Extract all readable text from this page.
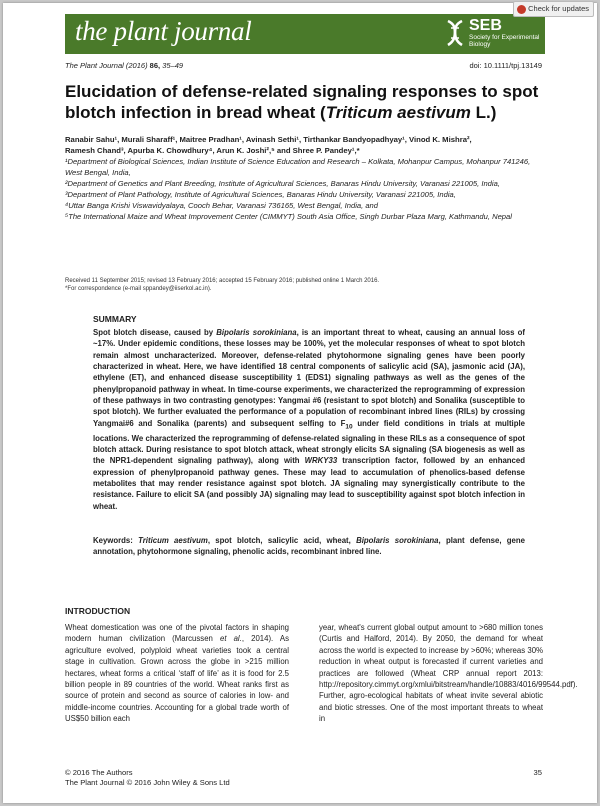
the plant journal	SEB
Society for Experimental Biology
The Plant Journal (2016) 86, 35–49	doi: 10.1111/tpj.13149
Elucidation of defense-related signaling responses to spot blotch infection in bread wheat (Triticum aestivum L.)
Ranabir Sahu¹, Murali Sharaff¹, Maitree Pradhan¹, Avinash Sethi¹, Tirthankar Bandyopadhyay¹, Vinod K. Mishra²,
Ramesh Chand³, Apurba K. Chowdhury⁴, Arun K. Joshi²,⁵ and Shree P. Pandey¹,*

¹Department of Biological Sciences, Indian Institute of Science Education and Research – Kolkata, Mohanpur Campus, Mohanpur 741246, West Bengal, India,

²Department of Genetics and Plant Breeding, Institute of Agricultural Sciences, Banaras Hindu University, Varanasi 221005, India,

³Department of Plant Pathology, Institute of Agricultural Sciences, Banaras Hindu University, Varanasi 221005, India,

⁴Uttar Banga Krishi Viswavidyalaya, Cooch Behar, Varanasi 736165, West Bengal, India, and

⁵The International Maize and Wheat Improvement Center (CIMMYT) South Asia Office, Singh Durbar Plaza Marg, Kathmandu, Nepal

Received 11 September 2015; revised 13 February 2016; accepted 15 February 2016; published online 1 March 2016.
*For correspondence (e-mail sppandey@iiserkol.ac.in).
SUMMARY
Spot blotch disease, caused by Bipolaris sorokiniana, is an important threat to wheat, causing an annual loss of ~17%. Under epidemic conditions, these losses may be 100%, yet the molecular responses of wheat to spot blotch remain almost uncharacterized. Moreover, defense-related phytohormone signaling genes have been poorly characterized in wheat. Here, we have identified 18 central components of salicylic acid (SA), jasmonic acid (JA), ethylene (ET), and enhanced disease susceptibility 1 (EDS1) signaling pathways as well as the genes of the phenylpropanoid pathway in wheat. In time-course experiments, we characterized the reprogramming of expression of these pathways in two contrasting genotypes: Yangmai #6 (resistant to spot blotch) and Sonalika (susceptible to spot blotch). We further evaluated the performance of a population of recombinant inbred lines (RILs) by crossing Yangmai#6 and Sonalika (parents) and subsequent selfing to $F_{10}$ under field conditions in trials at multiple locations. We characterized the reprogramming of defense-related signaling in these RILs as a consequence of spot blotch attack. During resistance to spot blotch attack, wheat strongly elicits SA signaling (SA biogenesis as well as the NPR1-dependent signaling pathway), along with WRKY33 transcription factor, followed by an enhanced expression of phenylpropanoid pathway genes. These may lead to accumulation of phenolics-based defense metabolites that may render resistance against spot blotch. JA signaling may synergistically contribute to the resistance. Failure to elicit SA (and possibly JA) signaling may lead to susceptibility against spot blotch infection in wheat.
Keywords: Triticum aestivum, spot blotch, salicylic acid, wheat, Bipolaris sorokiniana, plant defense, gene annotation, phytohormone signaling, phenolic acids, recombinant inbred line.
INTRODUCTION
Wheat domestication was one of the pivotal factors in shaping modern human civilization (Marcussen et al., 2014). As agriculture evolved, polyploid wheat varieties took a central stage in cultivation. Grown across the globe in >215 million hectares, wheat forms a critical ‘staff of life’ as it is food for 2.5 billion people in 89 countries of the world. Wheat ranks first as source of protein and second as source of calories in low- and middle-income countries. Accounting for a global trade worth of US$50 billion each
year, wheat's current global output amount to >680 million tones (Curtis and Halford, 2014). By 2050, the demand for wheat across the world is expected to increase by >60%; whereas 30% reduction in wheat output is forecasted if current varieties and practices are followed (Wheat CRP annual report 2013: http://repository.cimmyt.org/xmlui/bitstream/handle/10883/4016/99544.pdf). Further, agro-ecological habitats of wheat invite several abiotic and biotic stresses. One of the most important threats to wheat in
© 2016 The Authors
The Plant Journal © 2016 John Wiley & Sons Ltd
35
Check for updates
